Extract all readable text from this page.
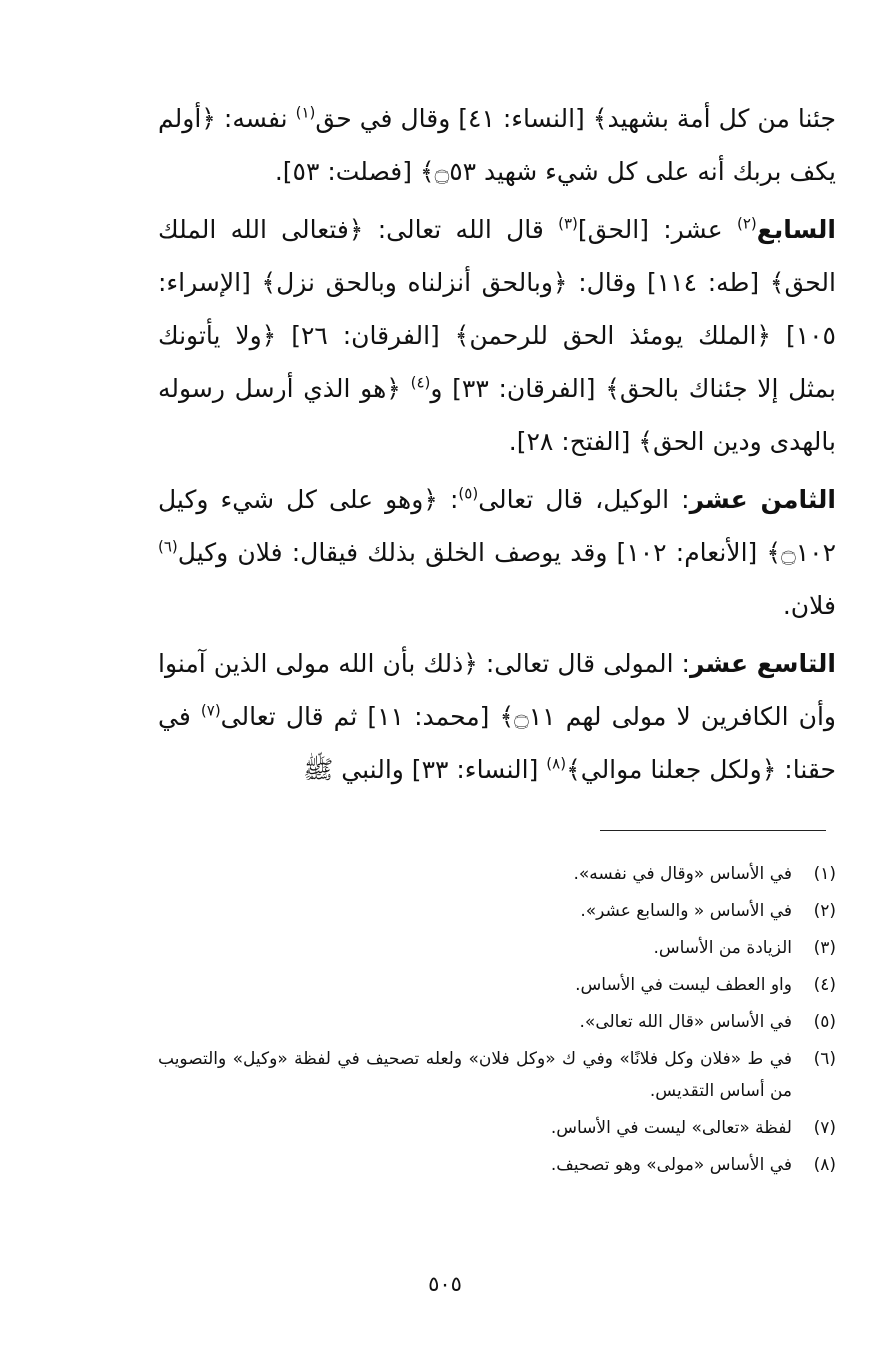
جئنا من كل أمة بشهيد﴾ [النساء: ٤١] وقال في حق$^{(١)}$ نفسه: ﴿أولم يكف بربك أنه على كل شيء شهيد ۝٥٣﴾ [فصلت: ٥٣].

السابع$^{(٢)}$ عشر: [الحق]$^{(٣)}$ قال الله تعالى: ﴿فتعالى الله الملك الحق﴾ [طه: ١١٤] وقال: ﴿وبالحق أنزلناه وبالحق نزل﴾ [الإسراء: ١٠٥] ﴿الملك يومئذ الحق للرحمن﴾ [الفرقان: ٢٦] ﴿ولا يأتونك بمثل إلا جئناك بالحق﴾ [الفرقان: ٣٣] و$^{(٤)}$ ﴿هو الذي أرسل رسوله بالهدى ودين الحق﴾ [الفتح: ٢٨].

الثامن عشر: الوكيل، قال تعالى$^{(٥)}$: ﴿وهو على كل شيء وكيل ۝١٠٢﴾ [الأنعام: ١٠٢] وقد يوصف الخلق بذلك فيقال: فلان وكيل$^{(٦)}$ فلان.

التاسع عشر: المولى قال تعالى: ﴿ذلك بأن الله مولى الذين آمنوا وأن الكافرين لا مولى لهم ۝١١﴾ [محمد: ١١] ثم قال تعالى$^{(٧)}$ في حقنا: ﴿ولكل جعلنا موالي﴾$^{(٨)}$ [النساء: ٣٣] والنبي ﷺ

(١)
في الأساس «وقال في نفسه».
(٢)
في الأساس « والسابع عشر».
(٣)
الزيادة من الأساس.
(٤)
واو العطف ليست في الأساس.
(٥)
في الأساس «قال الله تعالى».
(٦)
في ط «فلان وكل فلانًا» وفي ك «وكل فلان» ولعله تصحيف في لفظة «وكيل» والتصويب من أساس التقديس.
(٧)
لفظة «تعالى» ليست في الأساس.
(٨)
في الأساس «مولى» وهو تصحيف.
٥٠٥
